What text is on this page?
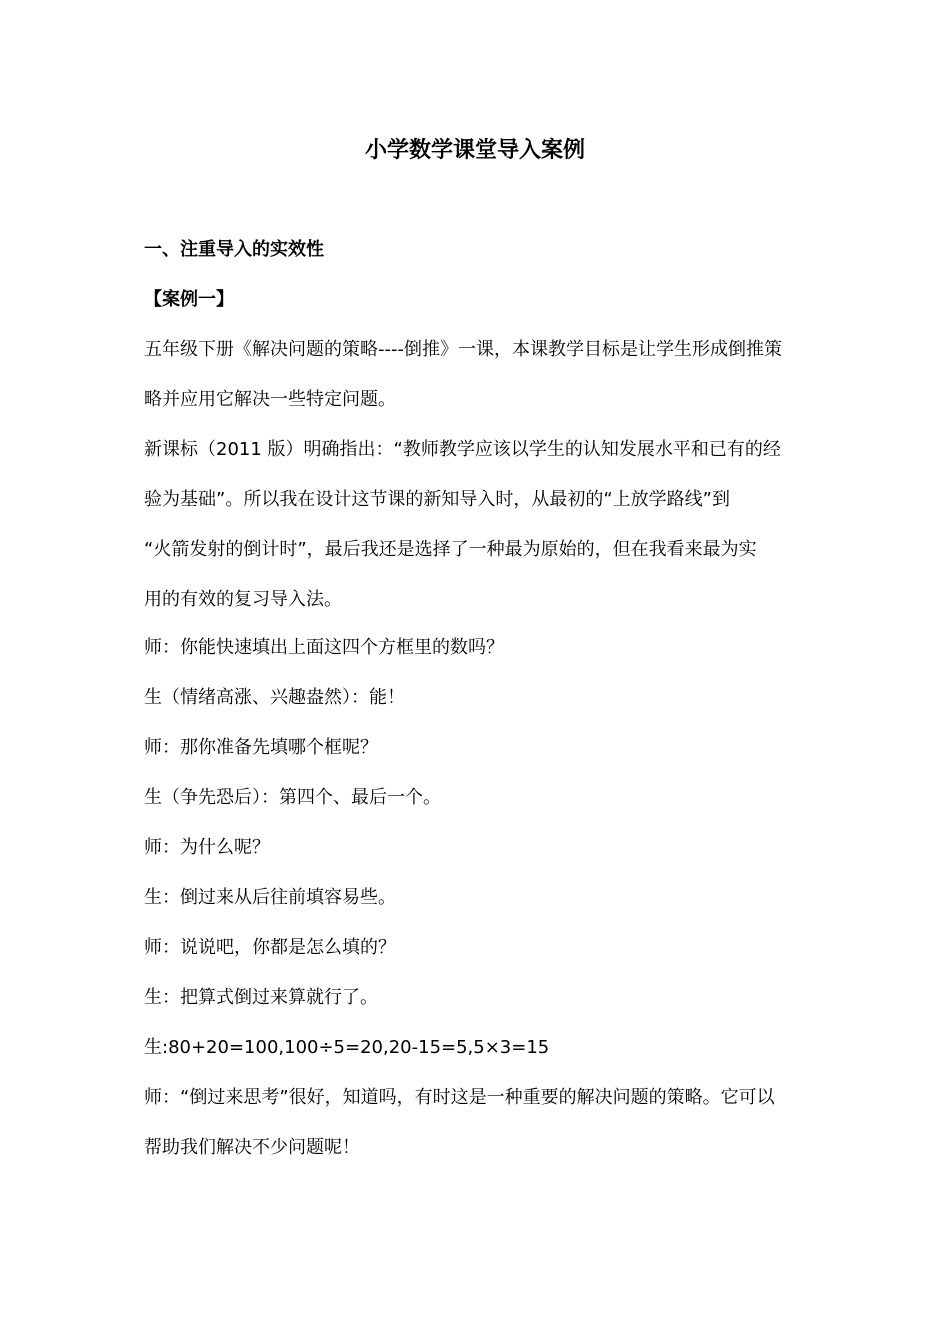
小学数学课堂导入案例
一、注重导入的实效性
【案例一】
五年级下册《解决问题的策略----倒推》一课，本课教学目标是让学生形成倒推策
略并应用它解决一些特定问题。
新课标（2011 版）明确指出：“教师教学应该以学生的认知发展水平和已有的经
验为基础”。所以我在设计这节课的新知导入时，从最初的“上放学路线”到
“火箭发射的倒计时”，最后我还是选择了一种最为原始的，但在我看来最为实
用的有效的复习导入法。
师：你能快速填出上面这四个方框里的数吗？
生（情绪高涨、兴趣盎然）：能！
师：那你准备先填哪个框呢？
生（争先恐后）：第四个、最后一个。
师：为什么呢？
生：倒过来从后往前填容易些。
师：说说吧，你都是怎么填的？
生：把算式倒过来算就行了。
生:80+20=100,100÷5=20,20-15=5,5×3=15
师：“倒过来思考”很好，知道吗，有时这是一种重要的解决问题的策略。它可以
帮助我们解决不少问题呢！
